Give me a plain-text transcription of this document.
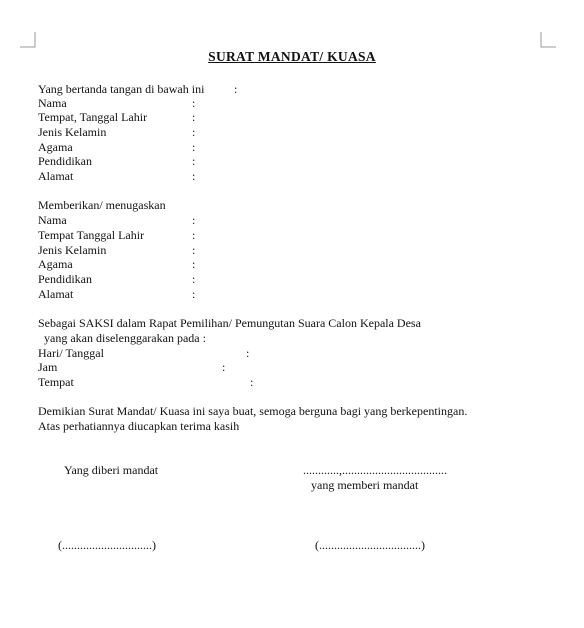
SURAT MANDAT/ KUASA
Yang bertanda tangan di bawah ini :
Nama	:
Tempat, Tanggal Lahir	:
Jenis Kelamin	:
Agama	:
Pendidikan	:
Alamat	:
Memberikan/ menugaskan
Nama	:
Tempat Tanggal Lahir	:
Jenis Kelamin	:
Agama	:
Pendidikan	:
Alamat	:
Sebagai SAKSI dalam Rapat Pemilihan/ Pemungutan Suara Calon Kepala Desa
yang akan diselenggarakan pada :
Hari/ Tanggal	:
Jam	:
Tempat	:
Demikian Surat Mandat/ Kuasa ini saya buat, semoga berguna bagi yang berkepentingan.
Atas perhatiannya diucapkan terima kasih
Yang diberi mandat	............,...................................
yang memberi mandat
(..............................)	(..................................)
